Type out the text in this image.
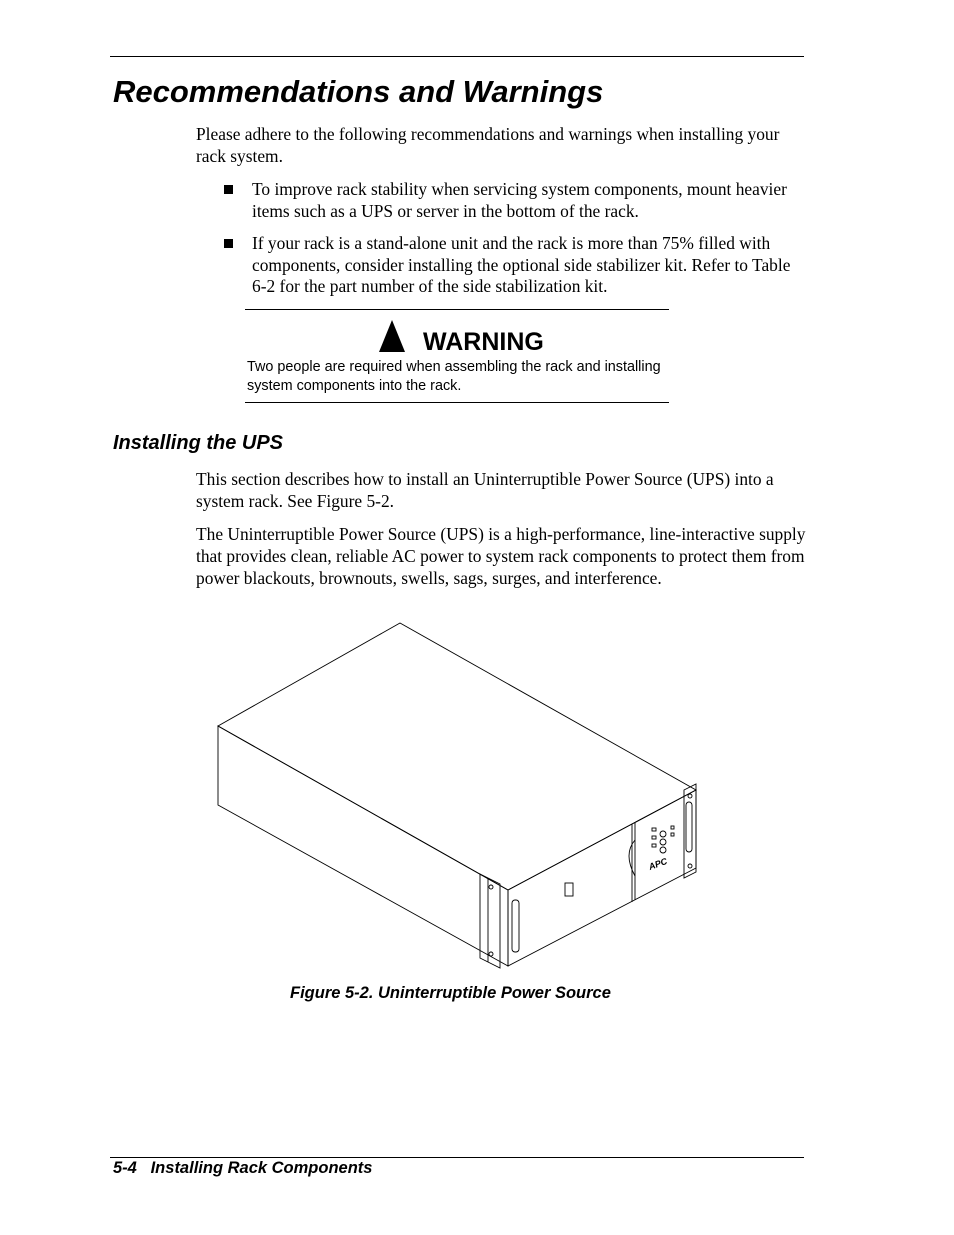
Recommendations and Warnings
Please adhere to the following recommendations and warnings when installing your rack system.
To improve rack stability when servicing system components, mount heavier items such as a UPS or server in the bottom of the rack.
If your rack is a stand-alone unit and the rack is more than 75% filled with components, consider installing the optional side stabilizer kit. Refer to Table 6-2 for the part number of the side stabilization kit.
WARNING
Two people are required when assembling the rack and installing system components into the rack.
Installing the UPS
This section describes how to install an Uninterruptible Power Source (UPS) into a system rack. See Figure 5-2.
The Uninterruptible Power Source (UPS) is a high-performance, line-interactive supply that provides clean, reliable AC power to system rack components to protect them from power blackouts, brownouts, swells, sags, surges, and interference.
APC
Figure 5-2. Uninterruptible Power Source
5-4   Installing Rack Components
